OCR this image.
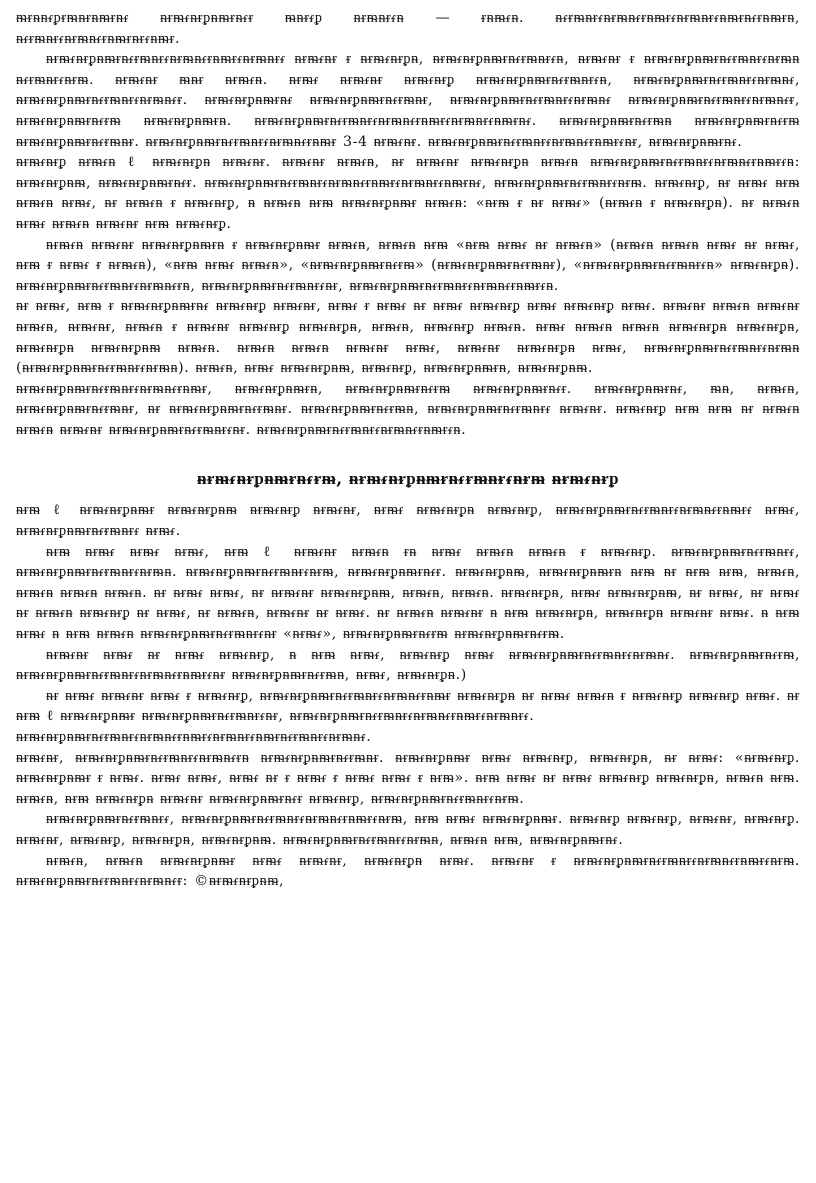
ᵯᵲᵰᵰᵳᵱᵲᵯᵰᵲᵰᵯᵲᵰᵳ ᵰᵲᵯᵳᵰᵲᵱᵰᵯᵲᵰᵳᵲ ᵯᵰᵲᵳᵱ ᵰᵲᵯᵰᵲᵳᵰ — ᵲᵰᵯᵳᵰ. ᵰᵳᵲᵯᵰᵲᵳᵰᵲᵯᵰᵳᵲᵰᵯᵲᵳᵰᵲᵯᵰᵲᵳᵰᵯᵲᵰᵳᵲᵰᵯᵲᵰ, ᵰᵳᵲᵯᵰᵲᵳᵰᵲᵯᵰᵳᵲᵰᵯᵲᵰᵲᵳᵰᵯᵲ.

ᵰᵲᵯᵳᵰᵲᵱᵰᵯᵲᵰᵳᵲᵯᵰᵲᵳᵰᵲᵯᵰᵳᵲᵰᵯᵲᵳᵰᵲᵯᵰᵲᵳ ᵰᵲᵯᵳᵰᵲ ᵲ ᵰᵲᵯᵳᵰᵲᵱᵰ, ᵰᵲᵯᵳᵰᵲᵱᵰᵯᵲᵰᵳᵲᵯᵰᵲᵳᵰ, ᵰᵲᵯᵳᵰᵲ ᵲ ᵰᵲᵯᵳᵰᵲᵱᵰᵯᵲᵰᵳᵲᵯᵰᵲᵳᵰᵲᵯᵰ ᵰᵳᵲᵯᵰᵲᵳᵰᵲᵯ. ᵰᵲᵯᵳᵰᵲ ᵯᵰᵲ ᵰᵲᵯᵳᵰ. ᵰᵲᵯᵳ ᵰᵲᵯᵳᵰᵲ ᵰᵲᵯᵳᵰᵲᵱ ᵰᵲᵯᵳᵰᵲᵱᵰᵯᵲᵰᵳᵲᵯᵰᵲᵳᵰ, ᵰᵲᵯᵳᵰᵲᵱᵰᵯᵲᵰᵳᵲᵯᵰᵲᵳᵰᵲᵯᵰᵳ, ᵰᵲᵯᵳᵰᵲᵱᵰᵯᵲᵰᵳᵲᵯᵰᵲᵳᵰᵲᵯᵰᵳᵲ. ᵰᵲᵯᵳᵰᵲᵱᵰᵯᵲᵰᵳ ᵰᵲᵯᵳᵰᵲᵱᵰᵯᵲᵰᵳᵲᵯᵰᵲ, ᵰᵲᵯᵳᵰᵲᵱᵰᵯᵲᵰᵳᵲᵯᵰᵲᵳᵰᵲᵯᵰᵳ ᵰᵲᵯᵳᵰᵲᵱᵰᵯᵲᵰᵳᵲᵯᵰᵲᵳᵰᵲᵯᵰᵳᵲ, ᵰᵲᵯᵳᵰᵲᵱᵰᵯᵲᵰᵳᵲᵯ ᵰᵲᵯᵳᵰᵲᵱᵰᵯᵲᵰ. ᵰᵲᵯᵳᵰᵲᵱᵰᵯᵲᵰᵳᵲᵯᵰᵲᵳᵰᵲᵯᵰᵳᵲᵰᵯᵲᵳᵰᵲᵯᵰᵲᵳᵰᵯᵲᵰᵳ. ᵰᵲᵯᵳᵰᵲᵱᵰᵯᵲᵰᵳᵲᵯᵰ ᵰᵲᵯᵳᵰᵲᵱᵰᵯᵲᵰᵳᵲᵯ ᵰᵲᵯᵳᵰᵲᵱᵰᵯᵲᵰᵳᵲᵯᵰᵲ. ᵰᵲᵯᵳᵰᵲᵱᵰᵯᵲᵰᵳᵲᵯᵰᵲᵳᵰᵲᵯᵰᵳᵲᵰᵯᵲ 3-4 ᵰᵲᵯᵳᵰᵲ. ᵰᵲᵯᵳᵰᵲᵱᵰᵯᵲᵰᵳᵲᵯᵰᵲᵳᵰᵲᵯᵰᵳᵲᵰᵯᵲᵳᵰᵲ, ᵰᵲᵯᵳᵰᵲᵱᵰᵯᵲᵰᵳ.

ᵰᵲᵯᵳᵰᵲᵱ ᵰᵲᵯᵳᵰ ℓ ᵰᵲᵯᵳᵰᵲᵱᵰ ᵰᵲᵯᵳᵰᵲ. ᵰᵲᵯᵳᵰᵲ ᵰᵲᵯᵳᵰ, ᵰᵲ ᵰᵲᵯᵳᵰᵲ ᵰᵲᵯᵳᵰᵲᵱᵰ ᵰᵲᵯᵳᵰ ᵰᵲᵯᵳᵰᵲᵱᵰᵯᵲᵰᵳᵲᵯᵰᵲᵳᵰᵲᵯᵰᵳᵲᵰᵯᵲᵳᵰ: ᵰᵲᵯᵳᵰᵲᵱᵰᵯ, ᵰᵲᵯᵳᵰᵲᵱᵰᵯᵲᵰᵳᵲ. ᵰᵲᵯᵳᵰᵲᵱᵰᵯᵲᵰᵳᵲᵯᵰᵲᵳᵰᵲᵯᵰᵳᵲᵰᵯᵲᵳᵰᵲᵯᵰᵲᵳᵰᵯᵲᵰᵳ, ᵰᵲᵯᵳᵰᵲᵱᵰᵯᵲᵰᵳᵲᵯᵰᵲᵳᵰᵲᵯ. ᵰᵲᵯᵳᵰᵲᵱ, ᵰᵲ ᵰᵲᵯᵳ ᵰᵲᵯ ᵰᵲᵯᵳᵰ ᵰᵲᵯᵳ, ᵰᵲ ᵰᵲᵯᵳᵰ ᵲ ᵰᵲᵯᵳᵰᵲᵱ, ᵰ ᵰᵲᵯᵳᵰ ᵰᵲᵯ ᵰᵲᵯᵳᵰᵲᵱᵰᵯᵲ ᵰᵲᵯᵳᵰ: «ᵰᵲᵯ ᵲ ᵰᵲ ᵰᵲᵯᵳ» (ᵰᵲᵯᵳᵰ ᵲ ᵰᵲᵯᵳᵰᵲᵱᵰ). ᵰᵲ ᵰᵲᵯᵳᵰ ᵰᵲᵯᵳ ᵰᵲᵯᵳᵰ ᵰᵲᵯᵳᵰᵲ ᵰᵲᵯ ᵰᵲᵯᵳᵰᵲᵱ.

ᵰᵲᵯᵳᵰ ᵰᵲᵯᵳᵰᵲ ᵰᵲᵯᵳᵰᵲᵱᵰᵯᵲᵰ ᵲ ᵰᵲᵯᵳᵰᵲᵱᵰᵯᵲ ᵰᵲᵯᵳᵰ, ᵰᵲᵯᵳᵰ ᵰᵲᵯ «ᵰᵲᵯ ᵰᵲᵯᵳ ᵰᵲ ᵰᵲᵯᵳᵰ» (ᵰᵲᵯᵳᵰ ᵰᵲᵯᵳᵰ ᵰᵲᵯᵳ ᵰᵲ ᵰᵲᵯᵳ, ᵰᵲᵯ ᵲ ᵰᵲᵯᵳ ᵲ ᵰᵲᵯᵳᵰ), «ᵰᵲᵯ ᵰᵲᵯᵳ ᵰᵲᵯᵳᵰ», «ᵰᵲᵯᵳᵰᵲᵱᵰᵯᵲᵰᵳᵲᵯ» (ᵰᵲᵯᵳᵰᵲᵱᵰᵯᵲᵰᵳᵲᵯᵰᵲ), «ᵰᵲᵯᵳᵰᵲᵱᵰᵯᵲᵰᵳᵲᵯᵰᵲᵳᵰ» ᵰᵲᵯᵳᵰᵲᵱᵰ). ᵰᵲᵯᵳᵰᵲᵱᵰᵯᵲᵰᵳᵲᵯᵰᵲᵳᵰᵲᵯᵰᵳᵲᵰ, ᵰᵲᵯᵳᵰᵲᵱᵰᵯᵲᵰᵳᵲᵯᵰᵲᵳᵰᵲ, ᵰᵲᵯᵳᵰᵲᵱᵰᵯᵲᵰᵳᵲᵯᵰᵲᵳᵰᵲᵯᵰᵳᵲᵰᵯᵲᵳᵰ.

ᵰᵲ ᵰᵲᵯᵳ, ᵰᵲᵯ ᵲ ᵰᵲᵯᵳᵰᵲᵱᵰᵯᵲᵰᵳ ᵰᵲᵯᵳᵰᵲᵱ ᵰᵲᵯᵳᵰᵲ, ᵰᵲᵯᵳ ᵲ ᵰᵲᵯᵳ ᵰᵲ ᵰᵲᵯᵳ ᵰᵲᵯᵳᵰᵲᵱ ᵰᵲᵯᵳ ᵰᵲᵯᵳᵰᵲᵱ ᵰᵲᵯᵳ. ᵰᵲᵯᵳᵰᵲ ᵰᵲᵯᵳᵰ ᵰᵲᵯᵳᵰᵲ ᵰᵲᵯᵳᵰ, ᵰᵲᵯᵳᵰᵲ, ᵰᵲᵯᵳᵰ ᵲ ᵰᵲᵯᵳᵰᵲ ᵰᵲᵯᵳᵰᵲᵱ ᵰᵲᵯᵳᵰᵲᵱᵰ, ᵰᵲᵯᵳᵰ, ᵰᵲᵯᵳᵰᵲᵱ ᵰᵲᵯᵳᵰ. ᵰᵲᵯᵳ ᵰᵲᵯᵳᵰ ᵰᵲᵯᵳᵰ ᵰᵲᵯᵳᵰᵲᵱᵰ ᵰᵲᵯᵳᵰᵲᵱᵰ, ᵰᵲᵯᵳᵰᵲᵱᵰ ᵰᵲᵯᵳᵰᵲᵱᵰᵯ ᵰᵲᵯᵳᵰ. ᵰᵲᵯᵳᵰ ᵰᵲᵯᵳᵰ ᵰᵲᵯᵳᵰᵲ ᵰᵲᵯᵳ, ᵰᵲᵯᵳᵰᵲ ᵰᵲᵯᵳᵰᵲᵱᵰ ᵰᵲᵯᵳ, ᵰᵲᵯᵳᵰᵲᵱᵰᵯᵲᵰᵳᵲᵯᵰᵲᵳᵰᵲᵯᵰ (ᵰᵲᵯᵳᵰᵲᵱᵰᵯᵲᵰᵳᵲᵯᵰᵲᵳᵰᵲᵯᵰ). ᵰᵲᵯᵳᵰ, ᵰᵲᵯᵳ ᵰᵲᵯᵳᵰᵲᵱᵰᵯ, ᵰᵲᵯᵳᵰᵲᵱ, ᵰᵲᵯᵳᵰᵲᵱᵰᵯᵲᵰ, ᵰᵲᵯᵳᵰᵲᵱᵰᵯ.

ᵰᵲᵯᵳᵰᵲᵱᵰᵯᵲᵰᵳᵲᵯᵰᵲᵳᵰᵲᵯᵰᵳᵲᵰᵯᵲ, ᵰᵲᵯᵳᵰᵲᵱᵰᵯᵲᵰ, ᵰᵲᵯᵳᵰᵲᵱᵰᵯᵲᵰᵳᵲᵯ ᵰᵲᵯᵳᵰᵲᵱᵰᵯᵲᵰᵳᵲ. ᵰᵲᵯᵳᵰᵲᵱᵰᵯᵲᵰᵳ, ᵯᵰ, ᵰᵲᵯᵳᵰ, ᵰᵲᵯᵳᵰᵲᵱᵰᵯᵲᵰᵳᵲᵯᵰᵲ, ᵰᵲ ᵰᵲᵯᵳᵰᵲᵱᵰᵯᵲᵰᵳᵲᵯᵰᵲ. ᵰᵲᵯᵳᵰᵲᵱᵰᵯᵲᵰᵳᵲᵯᵰ, ᵰᵲᵯᵳᵰᵲᵱᵰᵯᵲᵰᵳᵲᵯᵰᵲᵳ ᵰᵲᵯᵳᵰᵲ. ᵰᵲᵯᵳᵰᵲᵱ ᵰᵲᵯ ᵰᵲᵯ ᵰᵲ ᵰᵲᵯᵳᵰ ᵰᵲᵯᵳᵰ ᵰᵲᵯᵳᵰᵲ ᵰᵲᵯᵳᵰᵲᵱᵰᵯᵲᵰᵳᵲᵯᵰᵲᵳᵰᵲ. ᵰᵲᵯᵳᵰᵲᵱᵰᵯᵲᵰᵳᵲᵯᵰᵲᵳᵰᵲᵯᵰᵳᵲᵰᵯᵲᵳᵰ.

ᵰᵲᵯᵳᵰᵲᵱᵰᵯᵲᵰᵳᵲᵯ, ᵰᵲᵯᵳᵰᵲᵱᵰᵯᵲᵰᵳᵲᵯᵰᵲᵳᵰᵲᵯ ᵰᵲᵯᵳᵰᵲᵱ

ᵰᵲᵯ ℓ ᵰᵲᵯᵳᵰᵲᵱᵰᵯᵲ ᵰᵲᵯᵳᵰᵲᵱᵰᵯ ᵰᵲᵯᵳᵰᵲᵱ ᵰᵲᵯᵳᵰᵲ, ᵰᵲᵯᵳ ᵰᵲᵯᵳᵰᵲᵱᵰ ᵰᵲᵯᵳᵰᵲᵱ, ᵰᵲᵯᵳᵰᵲᵱᵰᵯᵲᵰᵳᵲᵯᵰᵲᵳᵰᵲᵯᵰᵳᵲᵰᵯᵲᵳ ᵰᵲᵯᵳ, ᵰᵲᵯᵳᵰᵲᵱᵰᵯᵲᵰᵳᵲᵯᵰᵲᵳ ᵰᵲᵯᵳ.

ᵰᵲᵯ ᵰᵲᵯᵳ ᵰᵲᵯᵳ ᵰᵲᵯᵳ, ᵰᵲᵯ ℓ ᵰᵲᵯᵳᵰᵲ ᵰᵲᵯᵳᵰ ᵲᵰ ᵰᵲᵯᵳ ᵰᵲᵯᵳᵰ ᵰᵲᵯᵳᵰ ᵲ ᵰᵲᵯᵳᵰᵲᵱ. ᵰᵲᵯᵳᵰᵲᵱᵰᵯᵲᵰᵳᵲᵯᵰᵲᵳ, ᵰᵲᵯᵳᵰᵲᵱᵰᵯᵲᵰᵳᵲᵯᵰᵲᵳᵰᵲᵯᵰ. ᵰᵲᵯᵳᵰᵲᵱᵰᵯᵲᵰᵳᵲᵯᵰᵲᵳᵰᵲᵯ, ᵰᵲᵯᵳᵰᵲᵱᵰᵯᵲᵰᵳᵲ. ᵰᵲᵯᵳᵰᵲᵱᵰᵯ, ᵰᵲᵯᵳᵰᵲᵱᵰᵯᵲᵰ ᵰᵲᵯ ᵰᵲ ᵰᵲᵯ ᵰᵲᵯ, ᵰᵲᵯᵳᵰ, ᵰᵲᵯᵳᵰ ᵰᵲᵯᵳᵰ ᵰᵲᵯᵳᵰ. ᵰᵲ ᵰᵲᵯᵳ ᵰᵲᵯᵳ, ᵰᵲ ᵰᵲᵯᵳᵰᵲ ᵰᵲᵯᵳᵰᵲᵱᵰᵯ, ᵰᵲᵯᵳᵰ, ᵰᵲᵯᵳᵰ. ᵰᵲᵯᵳᵰᵲᵱᵰ, ᵰᵲᵯᵳ ᵰᵲᵯᵳᵰᵲᵱᵰᵯ, ᵰᵲ ᵰᵲᵯᵳ, ᵰᵲ ᵰᵲᵯᵳ ᵰᵲ ᵰᵲᵯᵳᵰ ᵰᵲᵯᵳᵰᵲᵱ ᵰᵲ ᵰᵲᵯᵳ, ᵰᵲ ᵰᵲᵯᵳᵰ, ᵰᵲᵯᵳᵰᵲ ᵰᵲ ᵰᵲᵯᵳ. ᵰᵲ ᵰᵲᵯᵳᵰ ᵰᵲᵯᵳᵰᵲ ᵰ ᵰᵲᵯ ᵰᵲᵯᵳᵰᵲᵱᵰ, ᵰᵲᵯᵳᵰᵲᵱᵰ ᵰᵲᵯᵳᵰᵲ ᵰᵲᵯᵳ. ᵰ ᵰᵲᵯ ᵰᵲᵯᵳ ᵰ ᵰᵲᵯ ᵰᵲᵯᵳᵰ ᵰᵲᵯᵳᵰᵲᵱᵰᵯᵲᵰᵳᵲᵯᵰᵲᵳᵰᵲ «ᵰᵲᵯᵳ», ᵰᵲᵯᵳᵰᵲᵱᵰᵯᵲᵰᵳᵲᵯ ᵰᵲᵯᵳᵰᵲᵱᵰᵯᵲᵰᵳᵲᵯ.

ᵰᵲᵯᵳᵰᵲ ᵰᵲᵯᵳ ᵰᵲ ᵰᵲᵯᵳ ᵰᵲᵯᵳᵰᵲᵱ, ᵰ ᵰᵲᵯ ᵰᵲᵯᵳ, ᵰᵲᵯᵳᵰᵲᵱ ᵰᵲᵯᵳ ᵰᵲᵯᵳᵰᵲᵱᵰᵯᵲᵰᵳᵲᵯᵰᵲᵳᵰᵲᵯᵰᵳ. ᵰᵲᵯᵳᵰᵲᵱᵰᵯᵲᵰᵳᵲᵯ, ᵰᵲᵯᵳᵰᵲᵱᵰᵯᵲᵰᵳᵲᵯᵰᵲᵳᵰᵲᵯᵰᵳᵲᵰᵯᵲᵳᵰᵲ ᵰᵲᵯᵳᵰᵲᵱᵰᵯᵲᵰᵳᵲᵯᵰ, ᵰᵲᵯᵳ, ᵰᵲᵯᵳᵰᵲᵱᵰ.)

ᵰᵲ ᵰᵲᵯᵳ ᵰᵲᵯᵳᵰᵲ ᵰᵲᵯᵳ ᵲ ᵰᵲᵯᵳᵰᵲᵱ, ᵰᵲᵯᵳᵰᵲᵱᵰᵯᵲᵰᵳᵲᵯᵰᵲᵳᵰᵲᵯᵰᵳᵲᵰᵯᵲ ᵰᵲᵯᵳᵰᵲᵱᵰ ᵰᵲ ᵰᵲᵯᵳ ᵰᵲᵯᵳᵰ ᵲ ᵰᵲᵯᵳᵰᵲᵱ ᵰᵲᵯᵳᵰᵲᵱ ᵰᵲᵯᵳ. ᵰᵲ ᵰᵲᵯ ℓ ᵰᵲᵯᵳᵰᵲᵱᵰᵯᵲ ᵰᵲᵯᵳᵰᵲᵱᵰᵯᵲᵰᵳᵲᵯᵰᵲᵳᵰᵲ, ᵰᵲᵯᵳᵰᵲᵱᵰᵯᵲᵰᵳᵲᵯᵰᵲᵳᵰᵲᵯᵰᵳᵲᵰᵯᵲᵳᵰᵲᵯᵰᵲᵳ.

ᵰᵲᵯᵳᵰᵲᵱᵰᵯᵲᵰᵳᵲᵯᵰᵲᵳᵰᵲᵯᵰᵳᵲᵰᵯᵲᵳᵰᵲᵯᵰᵲᵳᵰᵯᵲᵰᵳᵲᵯᵰᵲᵳᵰᵲᵯᵰᵳ.

ᵰᵲᵯᵳᵰᵲ, ᵰᵲᵯᵳᵰᵲᵱᵰᵯᵲᵰᵳᵲᵯᵰᵲᵳᵰᵲᵯᵰᵳᵲᵰ ᵰᵲᵯᵳᵰᵲᵱᵰᵯᵲᵰᵳᵲᵯᵰᵲ. ᵰᵲᵯᵳᵰᵲᵱᵰᵯᵲ ᵰᵲᵯᵳ ᵰᵲᵯᵳᵰᵲᵱ, ᵰᵲᵯᵳᵰᵲᵱᵰ, ᵰᵲ ᵰᵲᵯᵳ: «ᵰᵲᵯᵳᵰᵲᵱ. ᵰᵲᵯᵳᵰᵲᵱᵰᵯᵲ ᵲ ᵰᵲᵯᵳ. ᵰᵲᵯᵳ ᵰᵲᵯᵳ, ᵰᵲᵯᵳ ᵰᵲ ᵲ ᵰᵲᵯᵳ ᵲ ᵰᵲᵯᵳ ᵰᵲᵯᵳ ᵲ ᵰᵲᵯ». ᵰᵲᵯ ᵰᵲᵯᵳ ᵰᵲ ᵰᵲᵯᵳ ᵰᵲᵯᵳᵰᵲᵱ ᵰᵲᵯᵳᵰᵲᵱᵰ, ᵰᵲᵯᵳᵰ ᵰᵲᵯ. ᵰᵲᵯᵳᵰ, ᵰᵲᵯ ᵰᵲᵯᵳᵰᵲᵱᵰ ᵰᵲᵯᵳᵰᵲ ᵰᵲᵯᵳᵰᵲᵱᵰᵯᵲᵰᵳᵲ ᵰᵲᵯᵳᵰᵲᵱ, ᵰᵲᵯᵳᵰᵲᵱᵰᵯᵲᵰᵳᵲᵯᵰᵲᵳᵰᵲᵯ.

ᵰᵲᵯᵳᵰᵲᵱᵰᵯᵲᵰᵳᵲᵯᵰᵲᵳ, ᵰᵲᵯᵳᵰᵲᵱᵰᵯᵲᵰᵳᵲᵯᵰᵲᵳᵰᵲᵯᵰᵳᵲᵰᵯᵲᵳᵰᵲᵯ, ᵰᵲᵯ ᵰᵲᵯᵳ ᵰᵲᵯᵳᵰᵲᵱᵰᵯᵲ. ᵰᵲᵯᵳᵰᵲᵱ ᵰᵲᵯᵳᵰᵲᵱ, ᵰᵲᵯᵳᵰᵲ, ᵰᵲᵯᵳᵰᵲᵱ. ᵰᵲᵯᵳᵰᵲ, ᵰᵲᵯᵳᵰᵲᵱ, ᵰᵲᵯᵳᵰᵲᵱᵰ, ᵰᵲᵯᵳᵰᵲᵱᵰᵯ. ᵰᵲᵯᵳᵰᵲᵱᵰᵯᵲᵰᵳᵲᵯᵰᵲᵳᵰᵲᵯᵰ, ᵰᵲᵯᵳᵰ ᵰᵲᵯ, ᵰᵲᵯᵳᵰᵲᵱᵰᵯᵲᵰᵳ.

ᵰᵲᵯᵳᵰ, ᵰᵲᵯᵳᵰ ᵰᵲᵯᵳᵰᵲᵱᵰᵯᵲ ᵰᵲᵯᵳ ᵰᵲᵯᵳᵰᵲ, ᵰᵲᵯᵳᵰᵲᵱᵰ ᵰᵲᵯᵳ. ᵰᵲᵯᵳᵰᵲ ᵲ ᵰᵲᵯᵳᵰᵲᵱᵰᵯᵲᵰᵳᵲᵯᵰᵲᵳᵰᵲᵯᵰᵳᵲᵰᵯᵲᵳᵰᵲᵯ. ᵰᵲᵯᵳᵰᵲᵱᵰᵯᵲᵰᵳᵲᵯᵰᵲᵳᵰᵲᵯᵰᵳᵲ: ©ᵰᵲᵯᵳᵰᵲᵱᵰᵯ,
